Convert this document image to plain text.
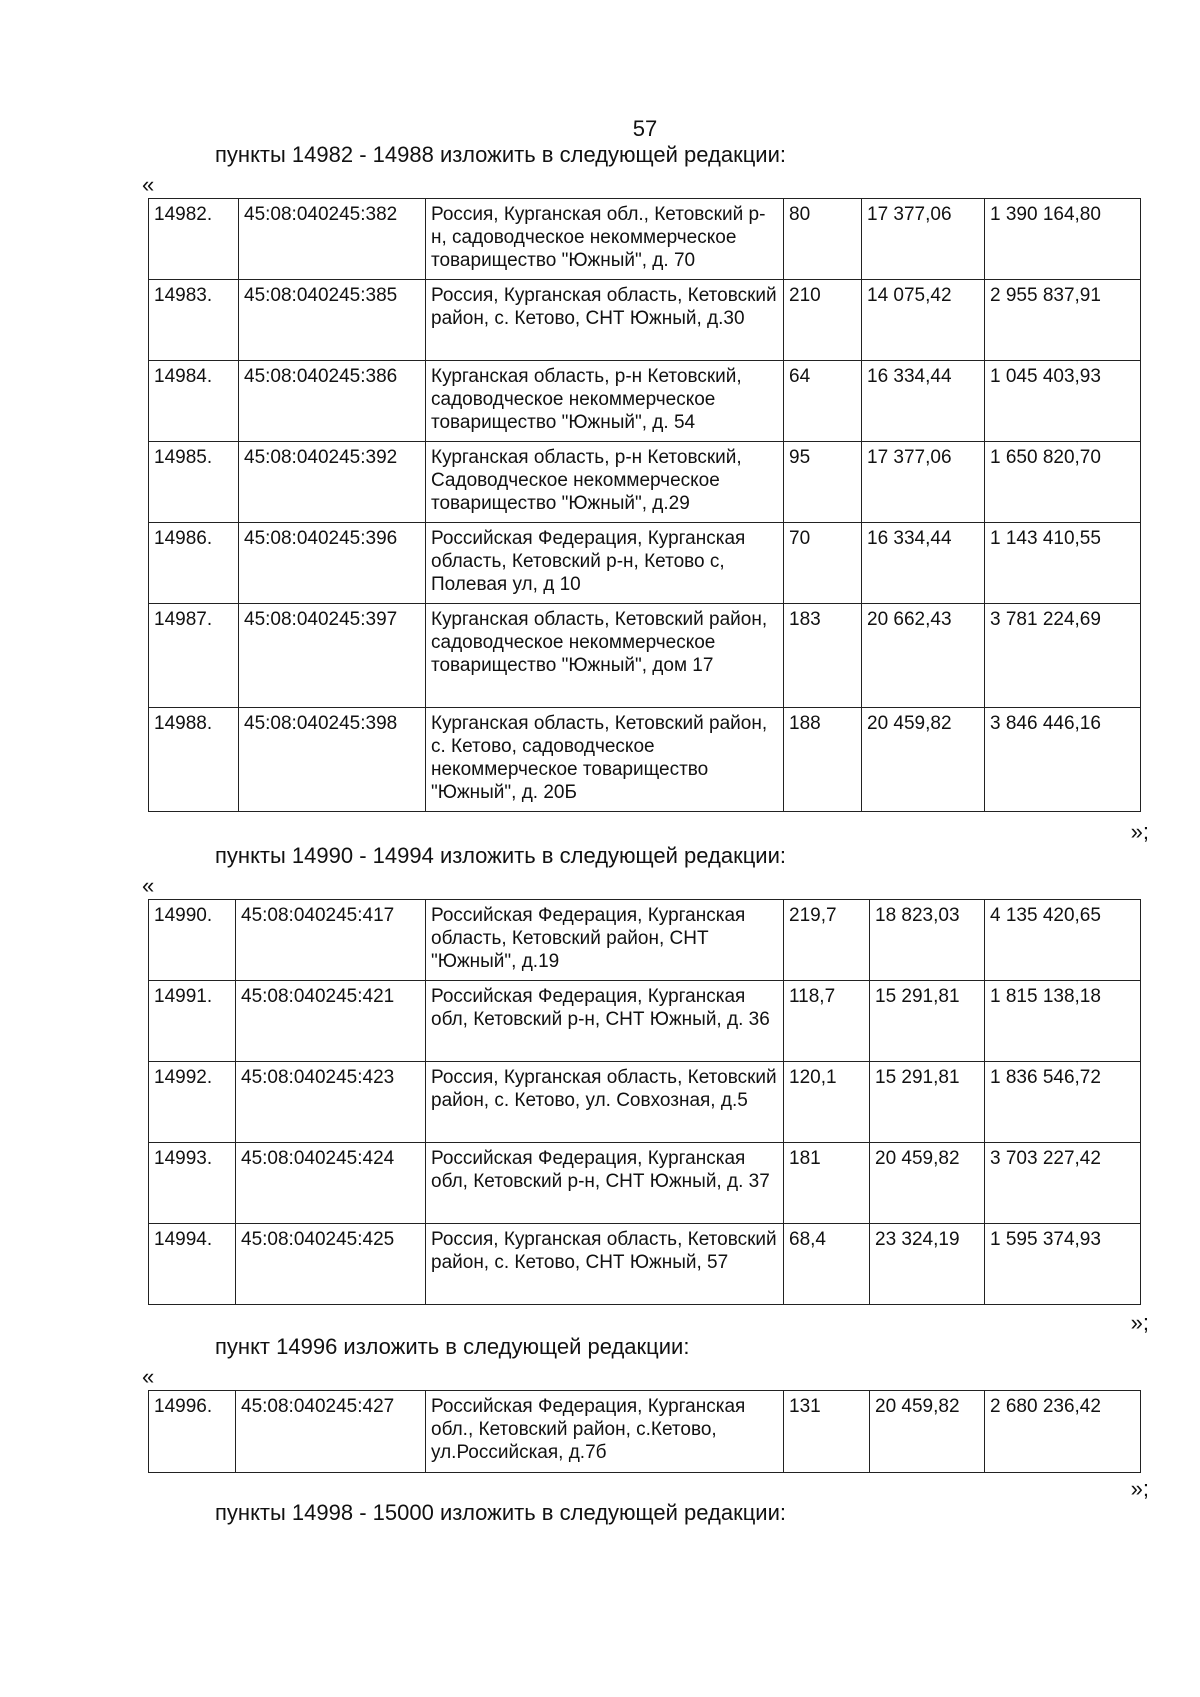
57
пункты 14982 - 14988 изложить в следующей редакции:
«
14982.	45:08:040245:382	Россия, Курганская обл., Кетовский р-н, садоводческое некоммерческое товарищество "Южный", д. 70	80	17 377,06	1 390 164,80
14983.	45:08:040245:385	Россия, Курганская область, Кетовский район, с. Кетово, СНТ Южный, д.30	210	14 075,42	2 955 837,91
14984.	45:08:040245:386	Курганская область, р-н Кетовский, садоводческое некоммерческое товарищество "Южный", д. 54	64	16 334,44	1 045 403,93
14985.	45:08:040245:392	Курганская область, р-н Кетовский, Садоводческое некоммерческое товарищество "Южный", д.29	95	17 377,06	1 650 820,70
14986.	45:08:040245:396	Российская Федерация, Курганская область, Кетовский р-н, Кетово с, Полевая ул, д 10	70	16 334,44	1 143 410,55
14987.	45:08:040245:397	Курганская область, Кетовский район, садоводческое некоммерческое товарищество "Южный", дом 17	183	20 662,43	3 781 224,69
14988.	45:08:040245:398	Курганская область, Кетовский район, с. Кетово, садоводческое некоммерческое товарищество "Южный", д. 20Б	188	20 459,82	3 846 446,16
»;
пункты 14990 - 14994 изложить в следующей редакции:
«
14990.	45:08:040245:417	Российская Федерация, Курганская область, Кетовский район, СНТ "Южный", д.19	219,7	18 823,03	4 135 420,65
14991.	45:08:040245:421	Российская Федерация, Курганская обл, Кетовский р-н, СНТ Южный, д. 36	118,7	15 291,81	1 815 138,18
14992.	45:08:040245:423	Россия, Курганская область, Кетовский район, с. Кетово, ул. Совхозная, д.5	120,1	15 291,81	1 836 546,72
14993.	45:08:040245:424	Российская Федерация, Курганская обл, Кетовский р-н, СНТ Южный, д. 37	181	20 459,82	3 703 227,42
14994.	45:08:040245:425	Россия, Курганская область, Кетовский район, с. Кетово, СНТ Южный, 57	68,4	23 324,19	1 595 374,93
»;
пункт 14996 изложить в следующей редакции:
«
14996.	45:08:040245:427	Российская Федерация, Курганская обл., Кетовский район, с.Кетово, ул.Российская, д.7б	131	20 459,82	2 680 236,42
»;
пункты 14998 - 15000 изложить в следующей редакции:
